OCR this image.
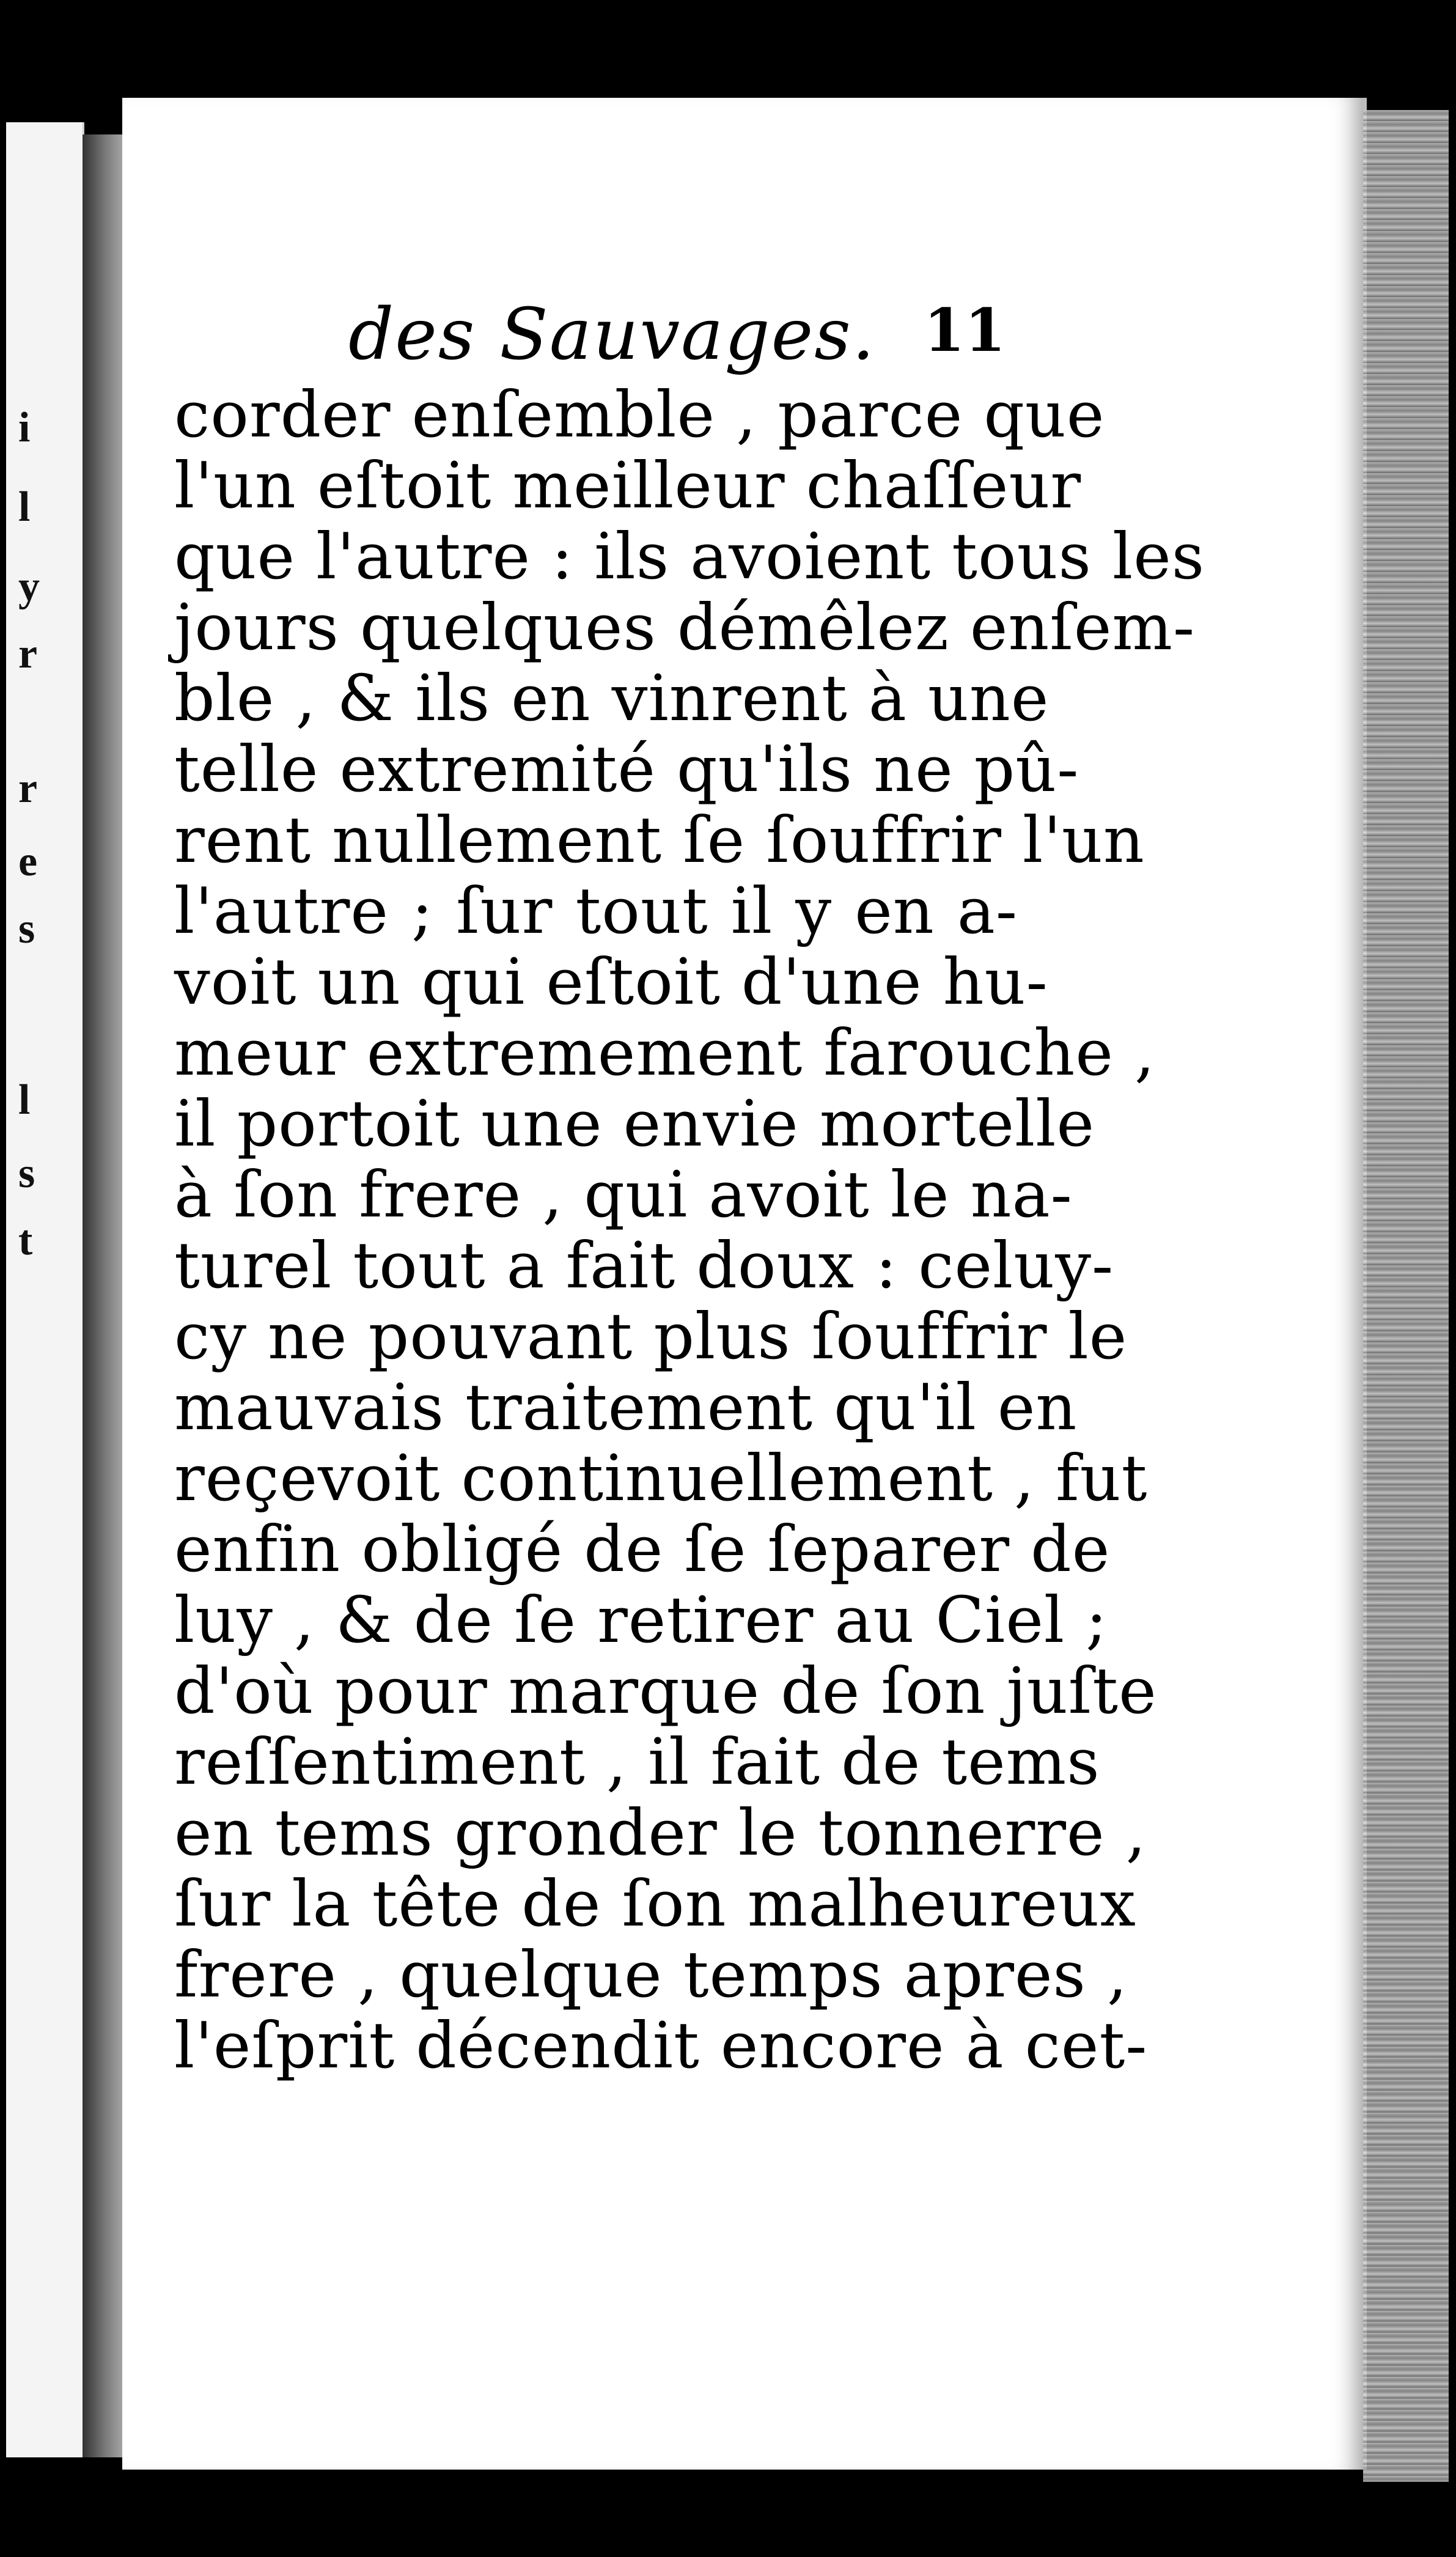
i
l
y
r
r
e
s
l
s
t
des Sauvages. 11
corder enſemble , parce que
l'un eſtoit meilleur chaſſeur
que l'autre : ils avoient tous les
jours quelques démêlez enſem-
ble , & ils en vinrent à une
telle extremité qu'ils ne pû-
rent nullement ſe ſouffrir l'un
l'autre ; ſur tout il y en a-
voit un qui eſtoit d'une hu-
meur extremement farouche ,
il portoit une envie mortelle
à ſon frere , qui avoit le na-
turel tout a fait doux : celuy-
cy ne pouvant plus ſouffrir le
mauvais traitement qu'il en
reçevoit continuellement , fut
enfin obligé de ſe ſeparer de
luy , & de ſe retirer au Ciel ;
d'où pour marque de ſon juſte
reſſentiment , il fait de tems
en tems gronder le tonnerre ,
ſur la tête de ſon malheureux
frere , quelque temps apres ,
l'eſprit décendit encore à cet-
